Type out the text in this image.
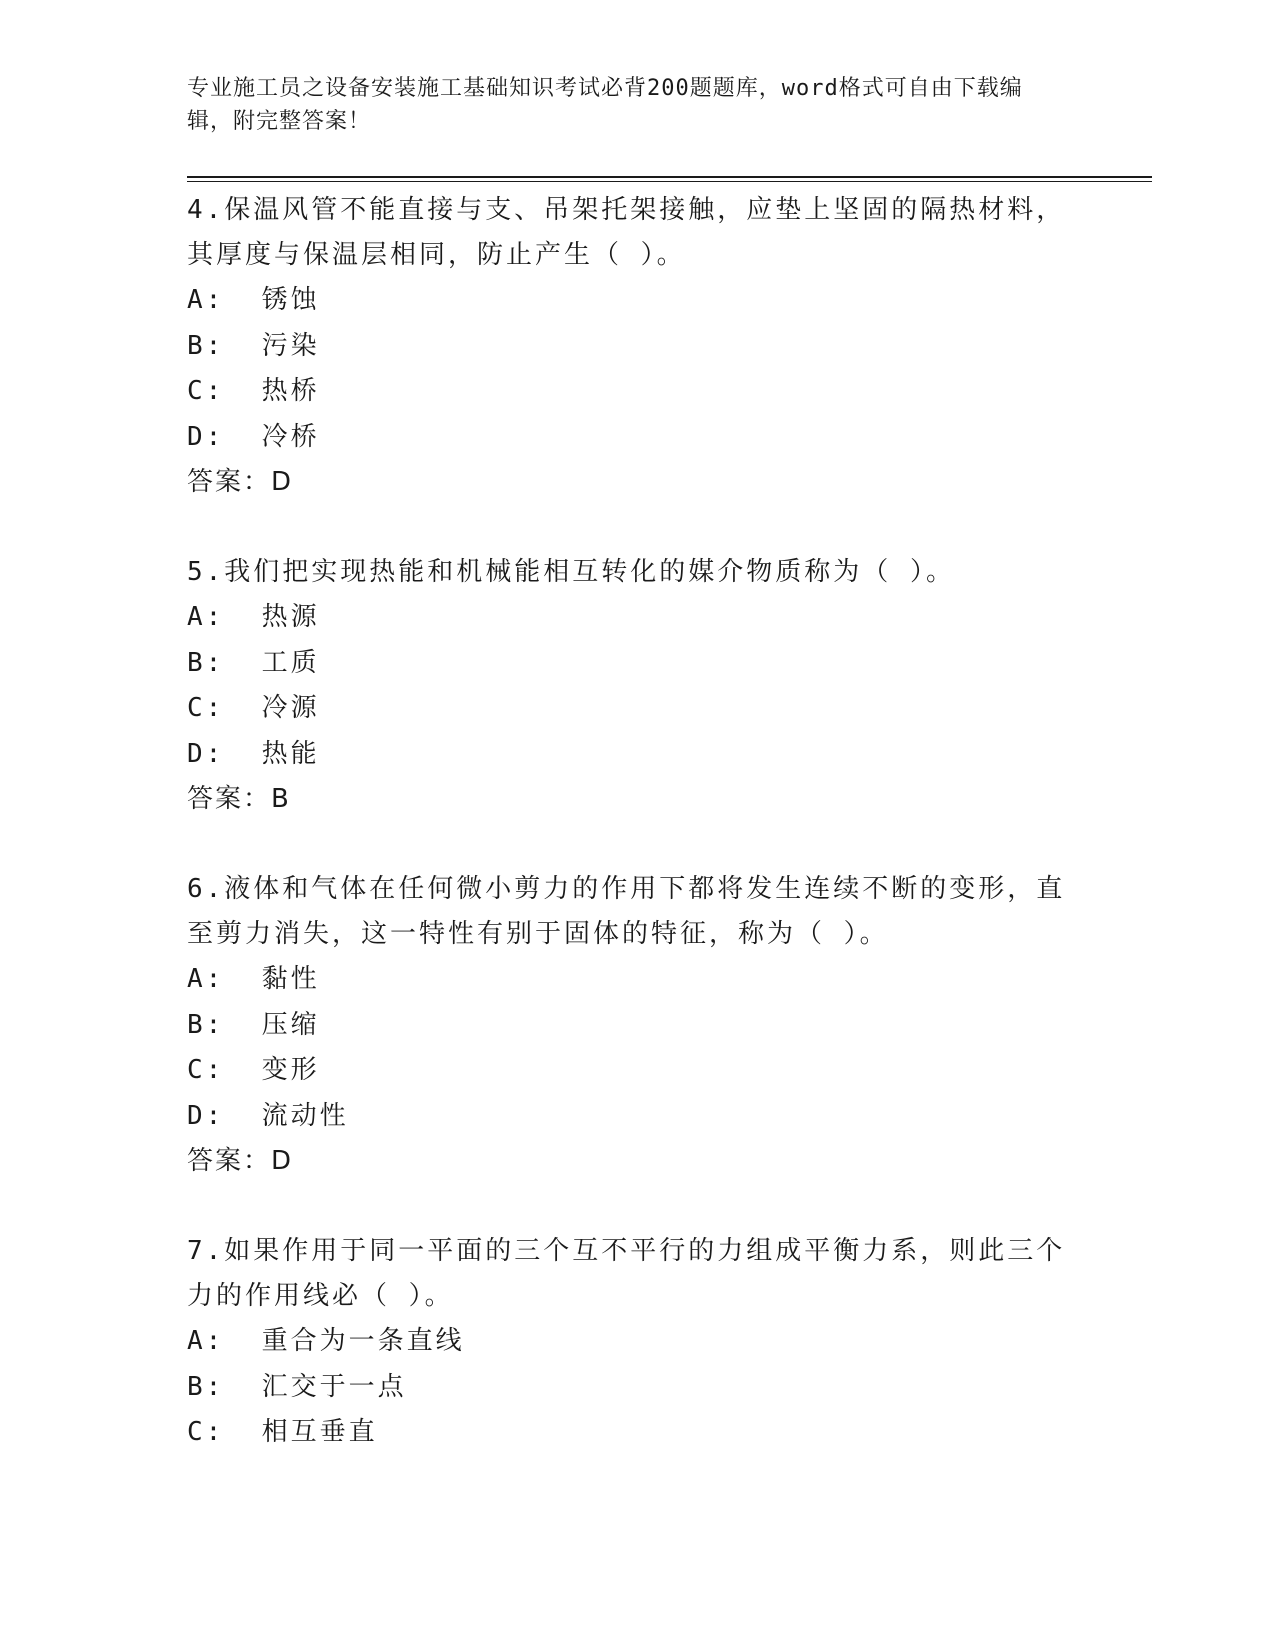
专业施工员之设备安装施工基础知识考试必背200题题库，word格式可自由下载编辑，附完整答案！
4.保温风管不能直接与支、吊架托架接触，应垫上坚固的隔热材料，其厚度与保温层相同，防止产生（ ）。
A:  锈蚀
B:  污染
C:  热桥
D:  冷桥
答案：D
5.我们把实现热能和机械能相互转化的媒介物质称为（ ）。
A:  热源
B:  工质
C:  冷源
D:  热能
答案：B
6.液体和气体在任何微小剪力的作用下都将发生连续不断的变形，直至剪力消失，这一特性有别于固体的特征，称为（ ）。
A:  黏性
B:  压缩
C:  变形
D:  流动性
答案：D
7.如果作用于同一平面的三个互不平行的力组成平衡力系，则此三个力的作用线必（ ）。
A:  重合为一条直线
B:  汇交于一点
C:  相互垂直
